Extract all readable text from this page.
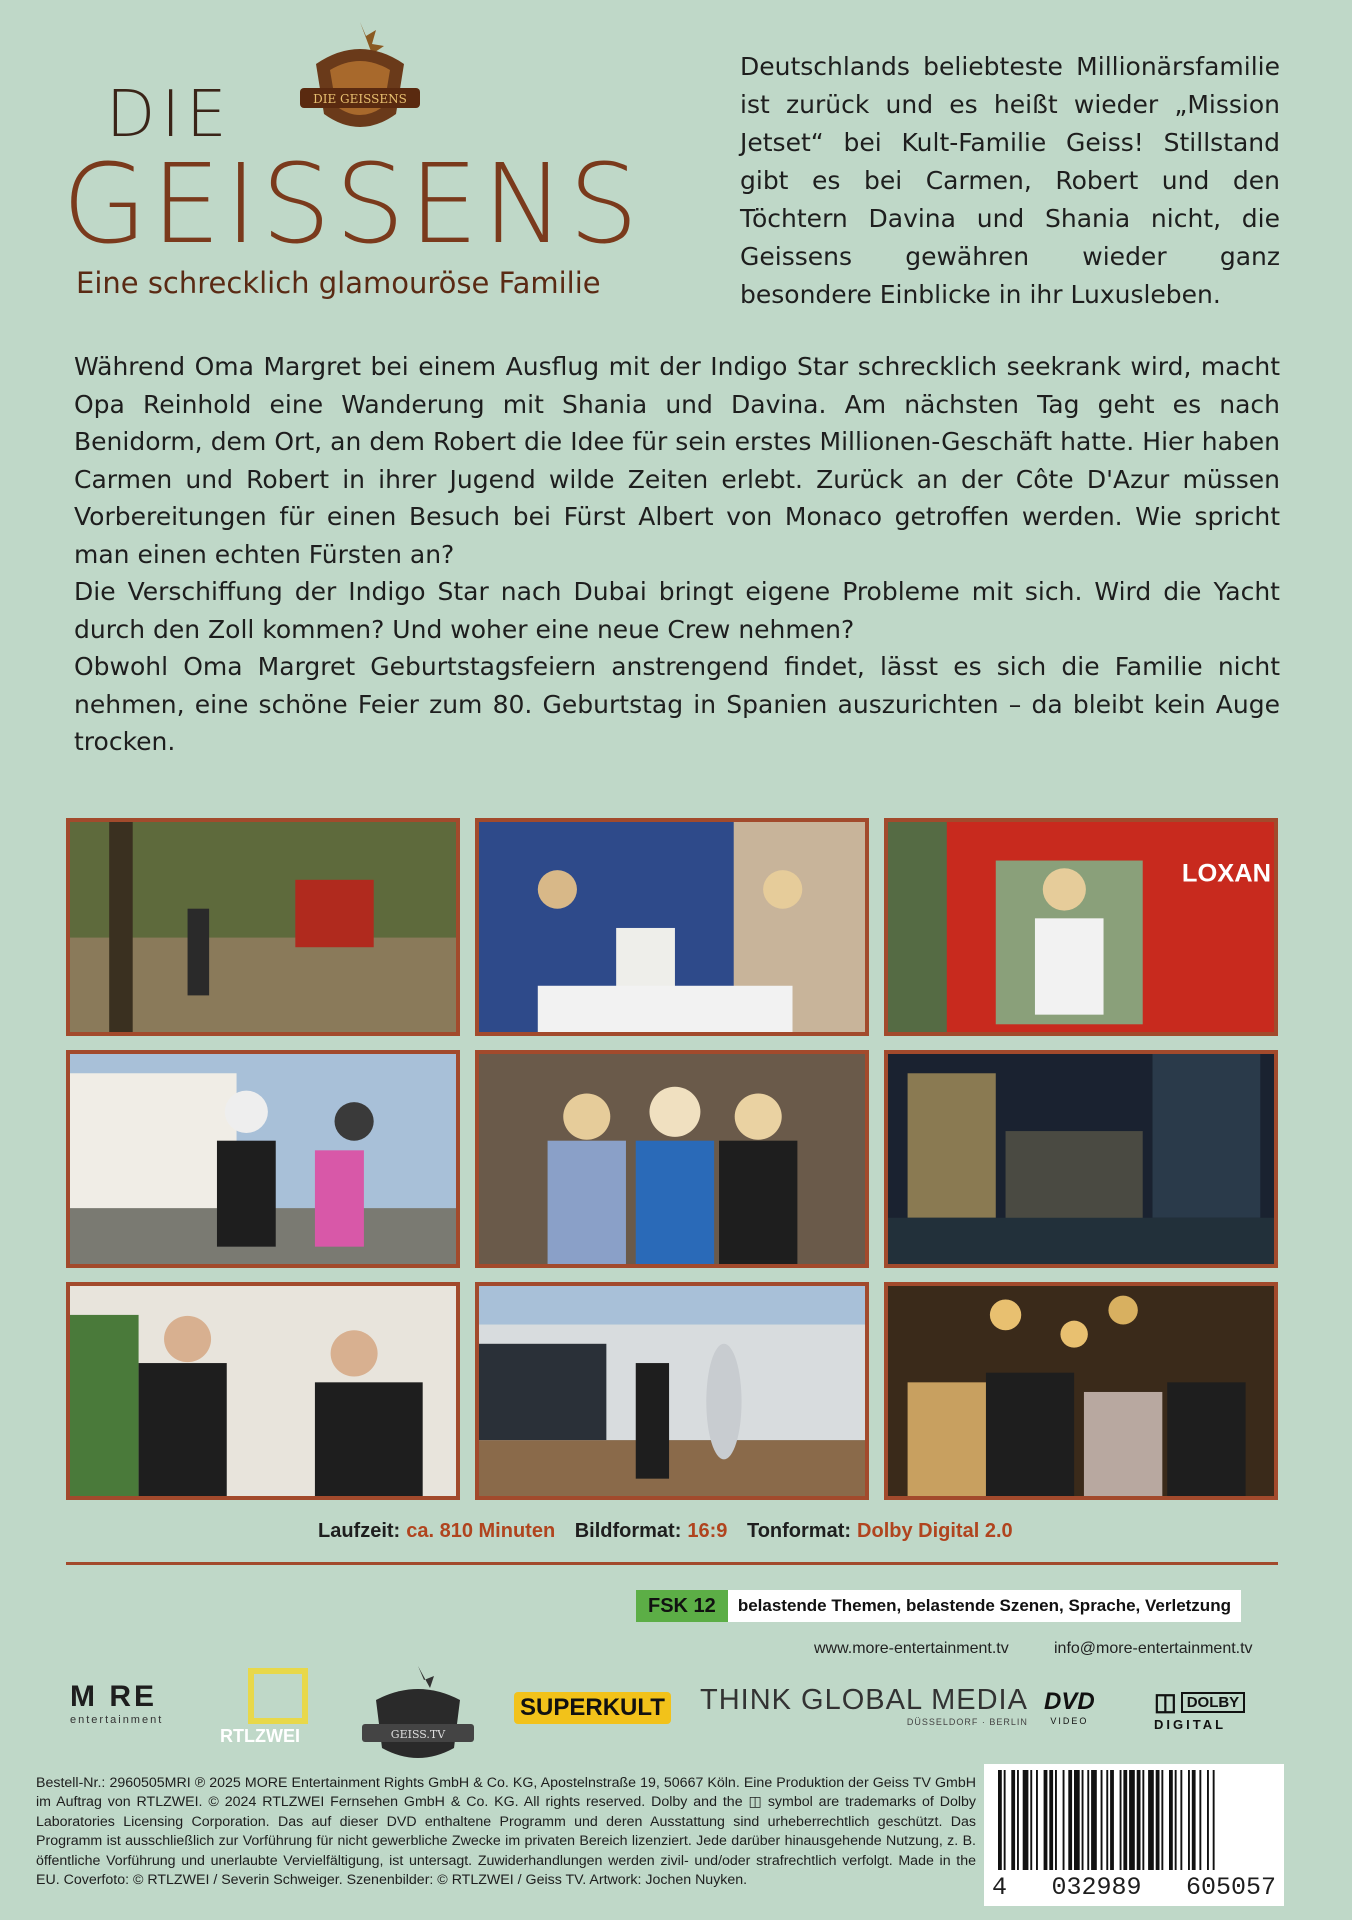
DIE GEISSENS
DIE
GEISSENS
Eine schrecklich glamouröse Familie
Deutschlands beliebteste Millionärsfamilie ist zurück und es heißt wieder „Mission Jetset“ bei Kult-Familie Geiss! Stillstand gibt es bei Carmen, Robert und den Töchtern Davina und Shania nicht, die Geissens gewähren wieder ganz besondere Einblicke in ihr Luxusleben.

Während Oma Margret bei einem Ausflug mit der Indigo Star schrecklich seekrank wird, macht Opa Reinhold eine Wanderung mit Shania und Davina. Am nächsten Tag geht es nach Benidorm, dem Ort, an dem Robert die Idee für sein erstes Millionen-Geschäft hatte. Hier haben Carmen und Robert in ihrer Jugend wilde Zeiten erlebt. Zurück an der Côte D'Azur müssen Vorbereitungen für einen Besuch bei Fürst Albert von Monaco getroffen werden. Wie spricht man einen echten Fürsten an?

Die Verschiffung der Indigo Star nach Dubai bringt eigene Probleme mit sich. Wird die Yacht durch den Zoll kommen? Und woher eine neue Crew nehmen?

Obwohl Oma Margret Geburtstagsfeiern anstrengend findet, lässt es sich die Familie nicht nehmen, eine schöne Feier zum 80. Geburtstag in Spanien auszurichten – da bleibt kein Auge trocken.

LOXAN
Laufzeit: ca. 810 Minuten Bildformat: 16:9 Tonformat: Dolby Digital 2.0
FSK 12	belastende Themen, belastende Szenen, Sprache, Verletzung
www.more-entertainment.tv	info@more-entertainment.tv
M RE
entertainment
RTLZWEI	GEISS.TV
SUPERKULT THINK GLOBAL MEDIA
DÜSSELDORF · BERLIN
DVD
VIDEO
◫ DOLBY
DIGITAL
Bestell-Nr.: 2960505MRI ℗ 2025 MORE Entertainment Rights GmbH & Co. KG, Apostelnstraße 19, 50667 Köln. Eine Produktion der Geiss TV GmbH im Auftrag von RTLZWEI. © 2024 RTLZWEI Fernsehen GmbH & Co. KG. All rights reserved. Dolby and the ◫ symbol are trademarks of Dolby Laboratories Licensing Corporation. Das auf dieser DVD enthaltene Programm und deren Ausstattung sind urheberrechtlich geschützt. Das Programm ist ausschließlich zur Vorführung für nicht gewerbliche Zwecke im privaten Bereich lizenziert. Jede darüber hinausgehende Nutzung, z. B. öffentliche Vorführung und unerlaubte Vervielfältigung, ist untersagt. Zuwiderhandlungen werden zivil- und/oder strafrechtlich verfolgt. Made in the EU. Coverfoto: © RTLZWEI / Severin Schweiger. Szenenbilder: © RTLZWEI / Geiss TV. Artwork: Jochen Nuyken.	4 032989 605057
